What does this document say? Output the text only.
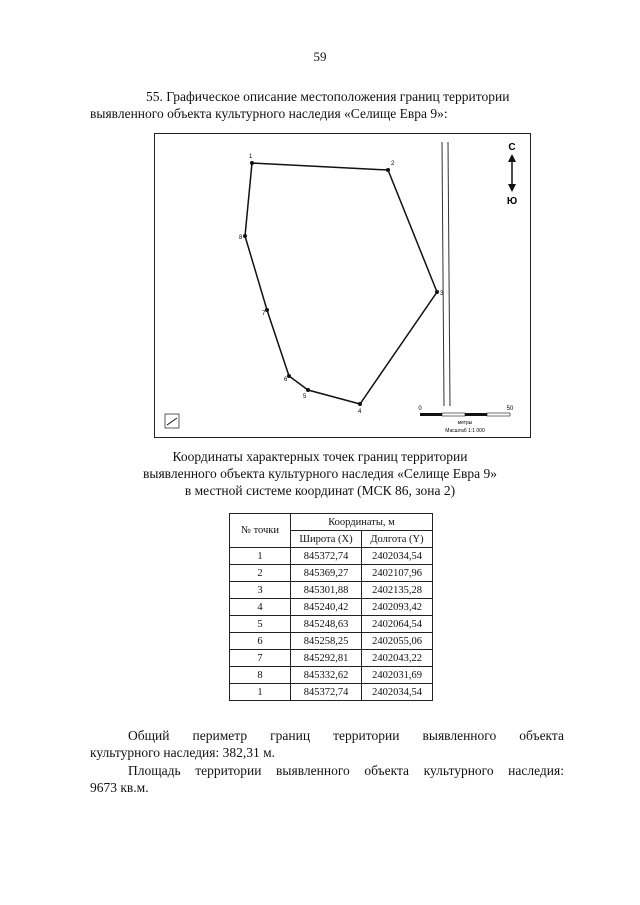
59
55. Графическое описание местоположения границ территории
выявленного объекта культурного наследия «Селище Евра 9»:
1
2
3
4
5
6
7
8
С
Ю
0	50
метры
Масштаб 1:1 000
Координаты характерных точек границ территории
выявленного объекта культурного наследия «Селище Евра 9»
в местной системе координат (МСК 86, зона 2)
№ точки	Координаты, м	
	Широта (X)	Долгота (Y)
1	845372,74	2402034,54
2	845369,27	2402107,96
3	845301,88	2402135,28
4	845240,42	2402093,42
5	845248,63	2402064,54
6	845258,25	2402055,06
7	845292,81	2402043,22
8	845332,62	2402031,69
1	845372,74	2402034,54
Общий периметр границ территории выявленного объекта
культурного наследия: 382,31 м.
Площадь территории выявленного объекта культурного наследия:
9673 кв.м.
